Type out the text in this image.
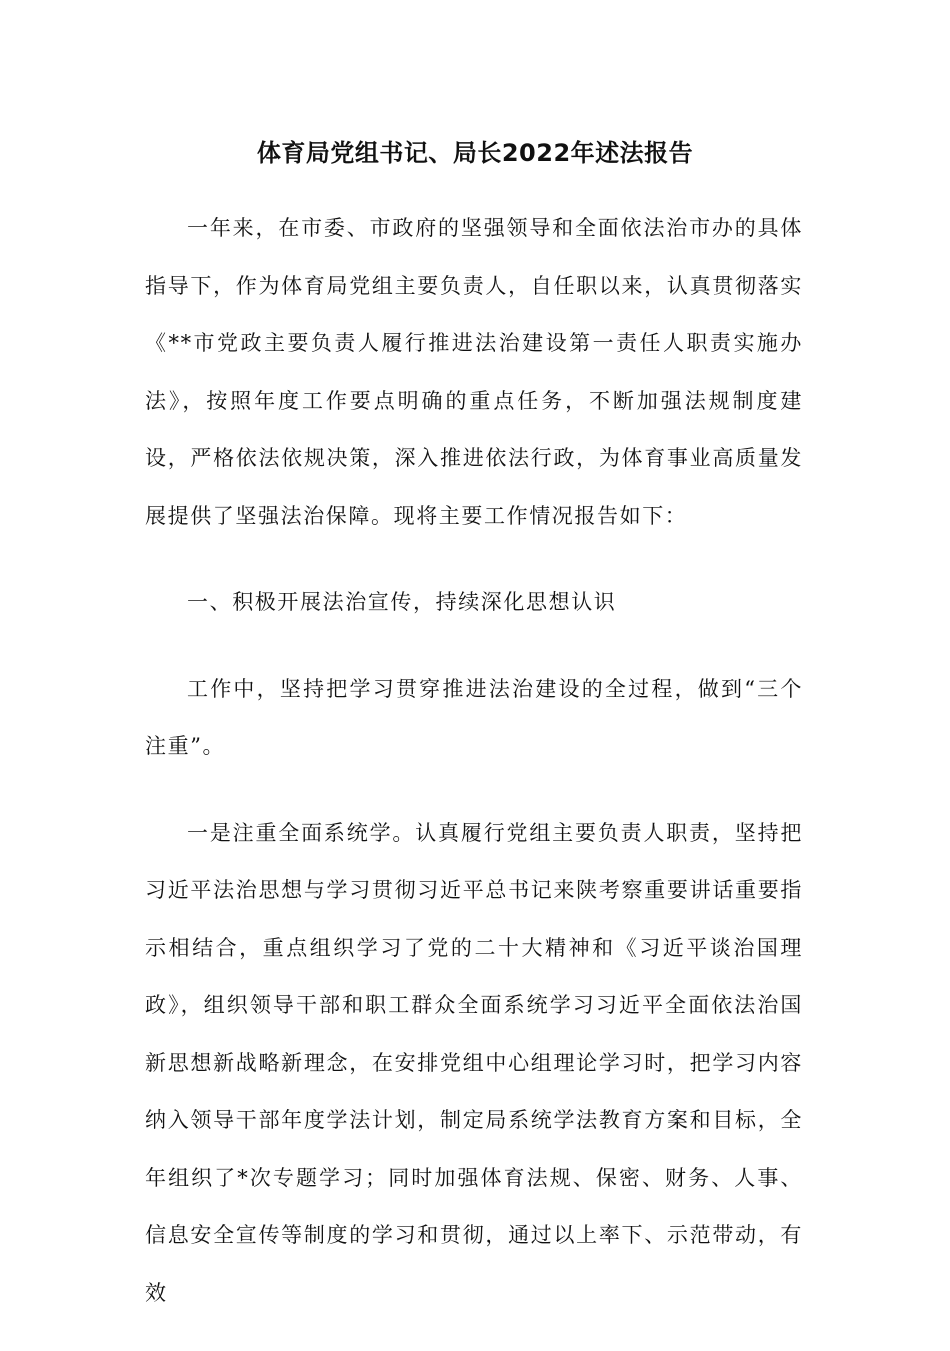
体育局党组书记、局长2022年述法报告

一年来，在市委、市政府的坚强领导和全面依法治市办的具体指导下，作为体育局党组主要负责人，自任职以来，认真贯彻落实《**市党政主要负责人履行推进法治建设第一责任人职责实施办法》，按照年度工作要点明确的重点任务，不断加强法规制度建设，严格依法依规决策，深入推进依法行政，为体育事业高质量发展提供了坚强法治保障。现将主要工作情况报告如下：

一、积极开展法治宣传，持续深化思想认识

工作中，坚持把学习贯穿推进法治建设的全过程，做到“三个注重”。

一是注重全面系统学。认真履行党组主要负责人职责，坚持把习近平法治思想与学习贯彻习近平总书记来陕考察重要讲话重要指示相结合，重点组织学习了党的二十大精神和《习近平谈治国理政》，组织领导干部和职工群众全面系统学习习近平全面依法治国新思想新战略新理念，在安排党组中心组理论学习时，把学习内容纳入领导干部年度学法计划，制定局系统学法教育方案和目标，全年组织了*次专题学习；同时加强体育法规、保密、财务、人事、信息安全宣传等制度的学习和贯彻，通过以上率下、示范带动，有效
